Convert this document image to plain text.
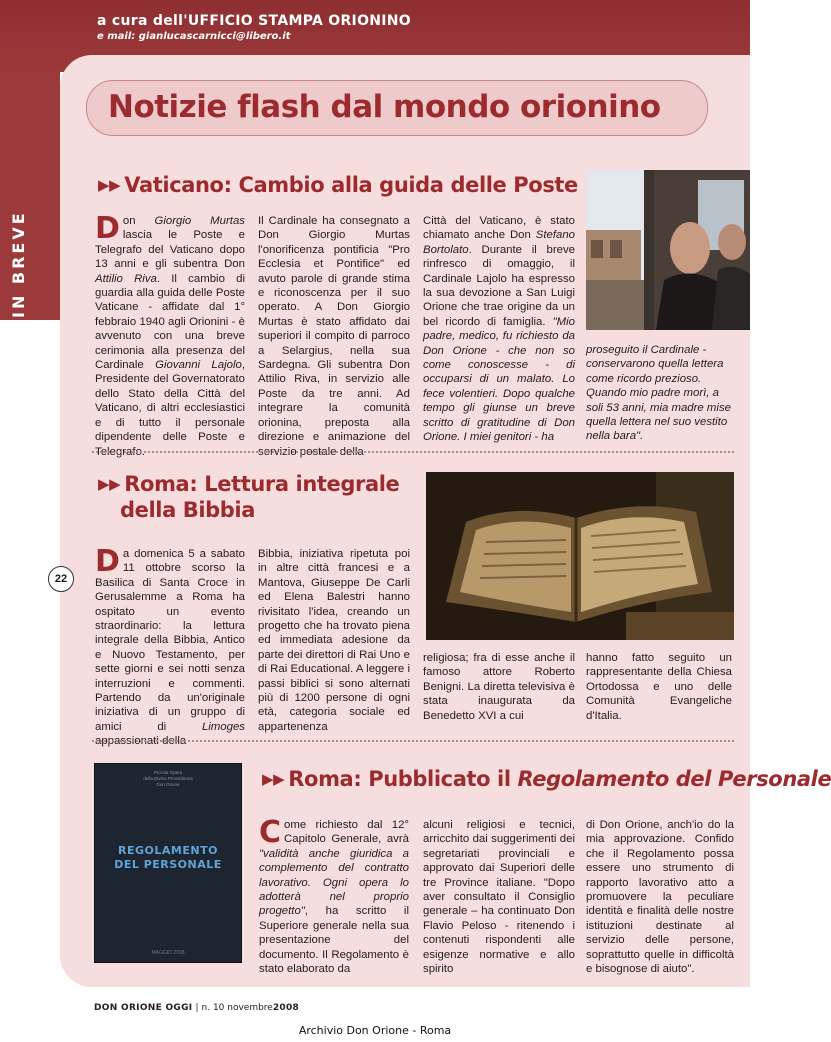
a cura dell'UFFICIO STAMPA ORIONINO
e mail: gianlucascarnicci@libero.it
IN BREVE
22
Notizie flash dal mondo orionino
▶▶ Vaticano: Cambio alla guida delle Poste
Don Giorgio Murtas lascia le Poste e Telegrafo del Vaticano dopo 13 anni e gli subentra Don Attilio Riva. Il cambio di guardia alla guida delle Poste Vaticane - affidate dal 1° febbraio 1940 agli Orionini - è avvenuto con una breve cerimonia alla presenza del Cardinale Giovanni Lajolo, Presidente del Governatorato dello Stato della Città del Vaticano, di altri ecclesiastici e di tutto il personale dipendente delle Poste e Telegrafo.
Il Cardinale ha consegnato a Don Giorgio Murtas l'onorificenza pontificia "Pro Ecclesia et Pontifice" ed avuto parole di grande stima e riconoscenza per il suo operato. A Don Giorgio Murtas è stato affidato dai superiori il compito di parroco a Selargius, nella sua Sardegna. Gli subentra Don Attilio Riva, in servizio alle Poste da tre anni. Ad integrare la comunità orionina, preposta alla direzione e animazione del servizio postale della
Città del Vaticano, è stato chiamato anche Don Stefano Bortolato. Durante il breve rinfresco di omaggio, il Cardinale Lajolo ha espresso la sua devozione a San Luigi Orione che trae origine da un bel ricordo di famiglia. "Mio padre, medico, fu richiesto da Don Orione - che non so come conoscesse - di occuparsi di un malato. Lo fece volentieri. Dopo qualche tempo gli giunse un breve scritto di gratitudine di Don Orione. I miei genitori - ha
proseguito il Cardinale - conservarono quella lettera come ricordo prezioso. Quando mio padre morì, a soli 53 anni, mia madre mise quella lettera nel suo vestito nella bara".
▶▶ Roma: Lettura integrale
della Bibbia
Da domenica 5 a sabato 11 ottobre scorso la Basilica di Santa Croce in Gerusalemme a Roma ha ospitato un evento straordinario: la lettura integrale della Bibbia, Antico e Nuovo Testamento, per sette giorni e sei notti senza interruzioni e commenti. Partendo da un'originale iniziativa di un gruppo di amici di Limoges appassionati della
Bibbia, iniziativa ripetuta poi in altre città francesi e a Mantova, Giuseppe De Carli ed Elena Balestri hanno rivisitato l'idea, creando un progetto che ha trovato piena ed immediata adesione da parte dei direttori di Rai Uno e di Rai Educational. A leggere i passi biblici si sono alternati più di 1200 persone di ogni età, categoria sociale ed appartenenza
religiosa; fra di esse anche il famoso attore Roberto Benigni. La diretta televisiva è stata inaugurata da Benedetto XVI a cui
hanno fatto seguito un rappresentante della Chiesa Ortodossa e uno delle Comunità Evangeliche d'Italia.
Piccola Opera
della Divina Provvidenza
Don Orione
REGOLAMENTO
DEL PERSONALE
MAGGIO 2008
▶▶ Roma: Pubblicato il Regolamento del Personale
Come richiesto dal 12° Capitolo Generale, avrà "validità anche giuridica a complemento del contratto lavorativo. Ogni opera lo adotterà nel proprio progetto", ha scritto il Superiore generale nella sua presentazione del documento. Il Regolamento è stato elaborato da
alcuni religiosi e tecnici, arricchito dai suggerimenti dei segretariati provinciali e approvato dai Superiori delle tre Province italiane. "Dopo aver consultato il Consiglio generale – ha continuato Don Flavio Peloso - ritenendo i contenuti rispondenti alle esigenze normative e allo spirito
di Don Orione, anch'io do la mia approvazione. Confido che il Regolamento possa essere uno strumento di rapporto lavorativo atto a promuovere la peculiare identità e finalità delle nostre istituzioni destinate al servizio delle persone, soprattutto quelle in difficoltà e bisognose di aiuto".
DON ORIONE OGGI | n. 10 novembre2008
Archivio Don Orione - Roma
